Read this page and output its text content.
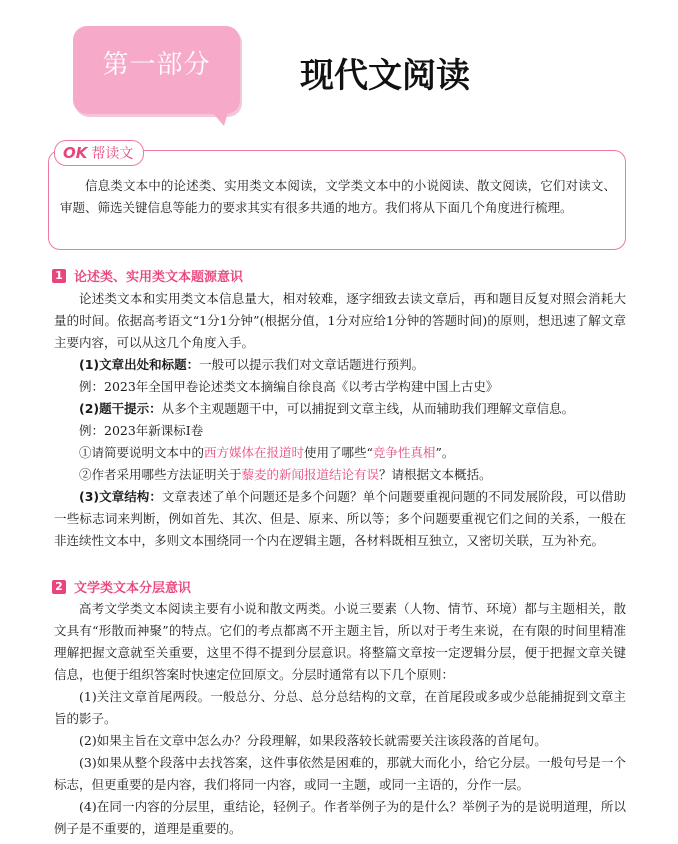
第一部分	现代文阅读
OK 帮读文
信息类文本中的论述类、实用类文本阅读，文学类文本中的小说阅读、散文阅读，它们对读文、审题、筛选关键信息等能力的要求其实有很多共通的地方。我们将从下面几个角度进行梳理。
1 论述类、实用类文本题源意识
论述类文本和实用类文本信息量大，相对较难，逐字细致去读文章后，再和题目反复对照会消耗大量的时间。依据高考语文“1分1分钟”(根据分值，1分对应给1分钟的答题时间)的原则，想迅速了解文章主要内容，可以从这几个角度入手。
(1)文章出处和标题：一般可以提示我们对文章话题进行预判。
例：2023年全国甲卷论述类文本摘编自徐良高《以考古学构建中国上古史》
(2)题干提示：从多个主观题题干中，可以捕捉到文章主线，从而辅助我们理解文章信息。
例：2023年新课标Ⅰ卷
①请简要说明文本中的西方媒体在报道时使用了哪些“竞争性真相”。
②作者采用哪些方法证明关于藜麦的新闻报道结论有误？请根据文本概括。
(3)文章结构：文章表述了单个问题还是多个问题？单个问题要重视问题的不同发展阶段，可以借助一些标志词来判断，例如首先、其次、但是、原来、所以等；多个问题要重视它们之间的关系，一般在非连续性文本中，多则文本围绕同一个内在逻辑主题，各材料既相互独立，又密切关联，互为补充。
2 文学类文本分层意识
高考文学类文本阅读主要有小说和散文两类。小说三要素（人物、情节、环境）都与主题相关，散文具有“形散而神聚”的特点。它们的考点都离不开主题主旨，所以对于考生来说，在有限的时间里精准理解把握文意就至关重要，这里不得不提到分层意识。将整篇文章按一定逻辑分层，便于把握文章关键信息，也便于组织答案时快速定位回原文。分层时通常有以下几个原则：
(1)关注文章首尾两段。一般总分、分总、总分总结构的文章，在首尾段或多或少总能捕捉到文章主旨的影子。
(2)如果主旨在文章中怎么办？分段理解，如果段落较长就需要关注该段落的首尾句。
(3)如果从整个段落中去找答案，这件事依然是困难的，那就大而化小，给它分层。一般句号是一个标志，但更重要的是内容，我们将同一内容，或同一主题，或同一主语的，分作一层。
(4)在同一内容的分层里，重结论，轻例子。作者举例子为的是什么？举例子为的是说明道理，所以例子是不重要的，道理是重要的。
